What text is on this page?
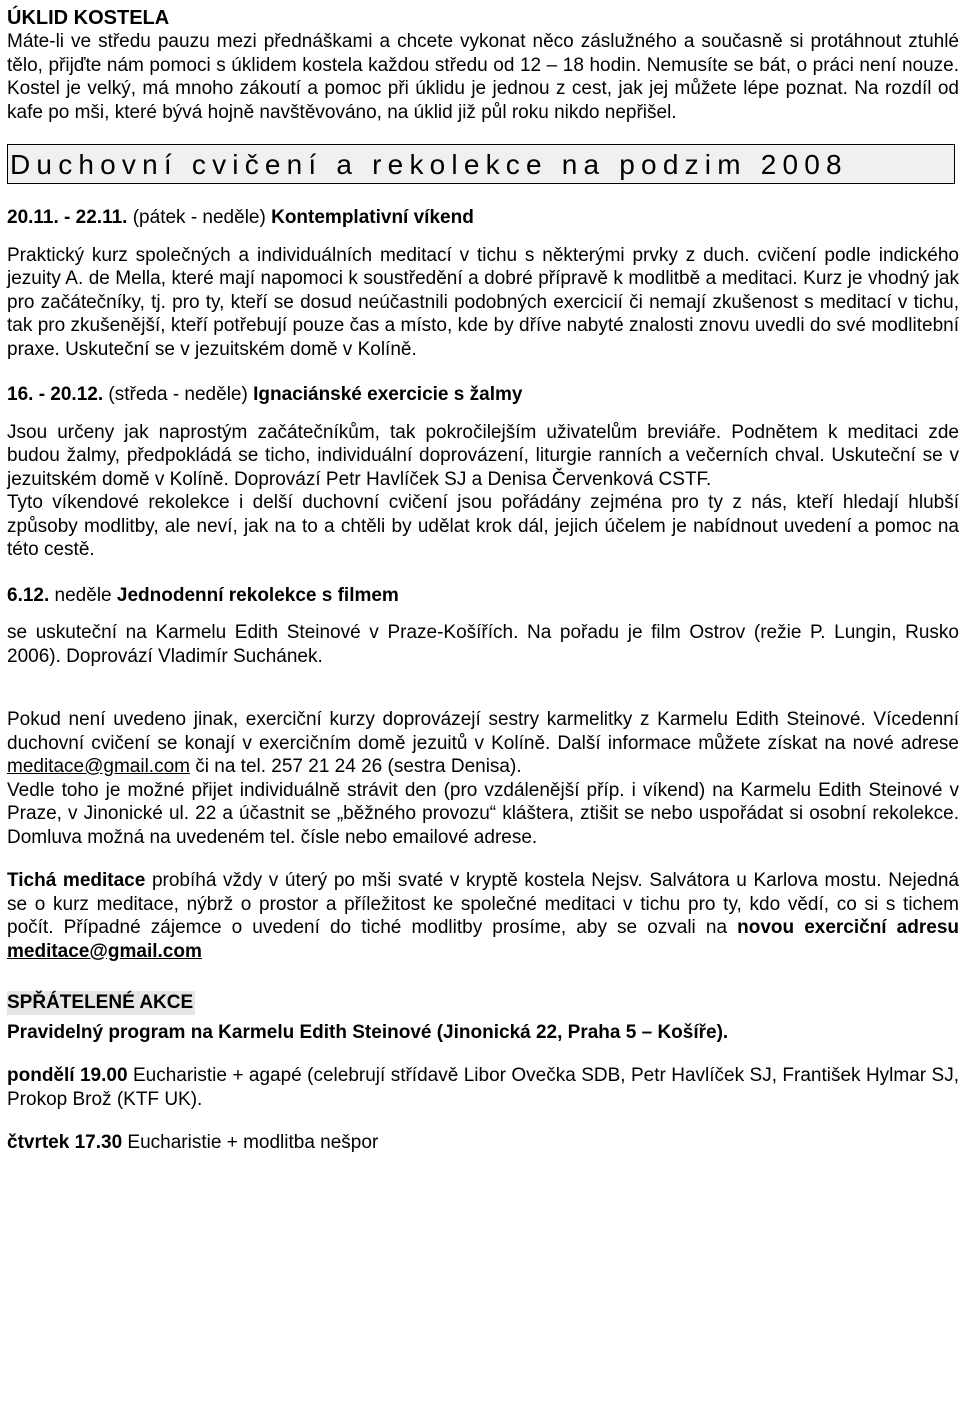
ÚKLID KOSTELA

Máte-li ve středu pauzu mezi přednáškami a chcete vykonat něco záslužného a současně si protáhnout ztuhlé tělo, přijďte nám pomoci s úklidem kostela každou středu od 12 – 18 hodin. Nemusíte se bát, o práci není nouze. Kostel je velký, má mnoho zákoutí a pomoc při úklidu je jednou z cest, jak jej můžete lépe poznat. Na rozdíl od kafe po mši, které bývá hojně navštěvováno, na úklid již půl roku nikdo nepřišel.

Duchovní cvičení a rekolekce na podzim 2008

20.11. - 22.11. (pátek - neděle) Kontemplativní víkend

Praktický kurz společných a individuálních meditací v tichu s některými prvky z duch. cvičení podle indického jezuity A. de Mella, které mají napomoci k soustředění a dobré přípravě k modlitbě a meditaci. Kurz je vhodný jak pro začátečníky, tj. pro ty, kteří se dosud neúčastnili podobných exercicií či nemají zkušenost s meditací v tichu, tak pro zkušenější, kteří potřebují pouze čas a místo, kde by dříve nabyté znalosti znovu uvedli do své modlitební praxe. Uskuteční se v jezuitském domě v Kolíně.

16. - 20.12. (středa - neděle) Ignaciánské exercicie s žalmy

Jsou určeny jak naprostým začátečníkům, tak pokročilejším uživatelům breviáře. Podnětem k meditaci zde budou žalmy, předpokládá se ticho, individuální doprovázení, liturgie ranních a večerních chval. Uskuteční se v jezuitském domě v Kolíně. Doprovází Petr Havlíček SJ a Denisa Červenková CSTF.

Tyto víkendové rekolekce i delší duchovní cvičení jsou pořádány zejména pro ty z nás, kteří hledají hlubší způsoby modlitby, ale neví, jak na to a chtěli by udělat krok dál, jejich účelem je nabídnout uvedení a pomoc na této cestě.

6.12. neděle Jednodenní rekolekce s filmem

se uskuteční na Karmelu Edith Steinové v Praze-Košířích. Na pořadu je film Ostrov (režie P. Lungin, Rusko 2006). Doprovází Vladimír Suchánek.

Pokud není uvedeno jinak, exerciční kurzy doprovázejí sestry karmelitky z Karmelu Edith Steinové. Vícedenní duchovní cvičení se konají v exercičním domě jezuitů v Kolíně. Další informace můžete získat na nové adrese meditace@gmail.com či na tel. 257 21 24 26 (sestra Denisa).

Vedle toho je možné přijet individuálně strávit den (pro vzdálenější příp. i víkend) na Karmelu Edith Steinové v Praze, v Jinonické ul. 22 a účastnit se „běžného provozu“ kláštera, ztišit se nebo uspořádat si osobní rekolekce. Domluva možná na uvedeném tel. čísle nebo emailové adrese.

Tichá meditace probíhá vždy v úterý po mši svaté v kryptě kostela Nejsv. Salvátora u Karlova mostu. Nejedná se o kurz meditace, nýbrž o prostor a příležitost ke společné meditaci v tichu pro ty, kdo vědí, co si s tichem počít. Případné zájemce o uvedení do tiché modlitby prosíme, aby se ozvali na novou exerciční adresu meditace@gmail.com

SPŘÁTELENÉ AKCE

Pravidelný program na Karmelu Edith Steinové (Jinonická 22, Praha 5 – Košíře).

pondělí 19.00 Eucharistie + agapé (celebrují střídavě Libor Ovečka SDB, Petr Havlíček SJ, František Hylmar SJ, Prokop Brož (KTF UK).

čtvrtek 17.30 Eucharistie + modlitba nešpor
